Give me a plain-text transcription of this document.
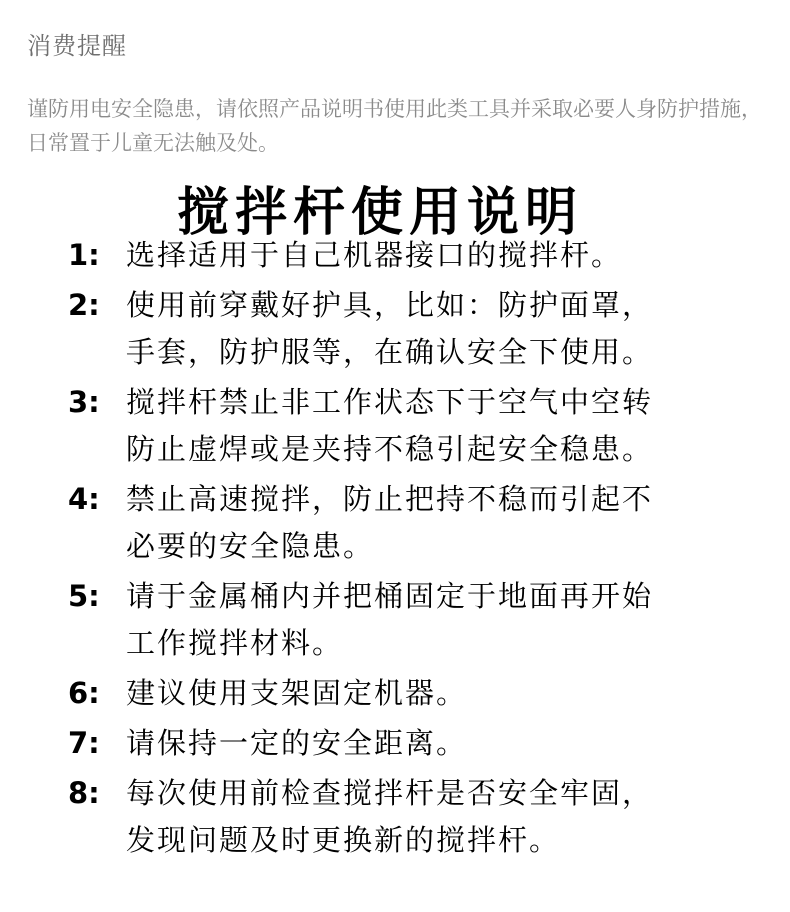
消费提醒
谨防用电安全隐患，请依照产品说明书使用此类工具并采取必要人身防护措施，日常置于儿童无法触及处。
搅拌杆使用说明
1: 选择适用于自己机器接口的搅拌杆。
2: 使用前穿戴好护具，比如：防护面罩，
手套，防护服等，在确认安全下使用。
3: 搅拌杆禁止非工作状态下于空气中空转
防止虚焊或是夹持不稳引起安全稳患。
4: 禁止高速搅拌，防止把持不稳而引起不
必要的安全隐患。
5: 请于金属桶内并把桶固定于地面再开始
工作搅拌材料。
6: 建议使用支架固定机器。
7: 请保持一定的安全距离。
8: 每次使用前检查搅拌杆是否安全牢固，
发现问题及时更换新的搅拌杆。
